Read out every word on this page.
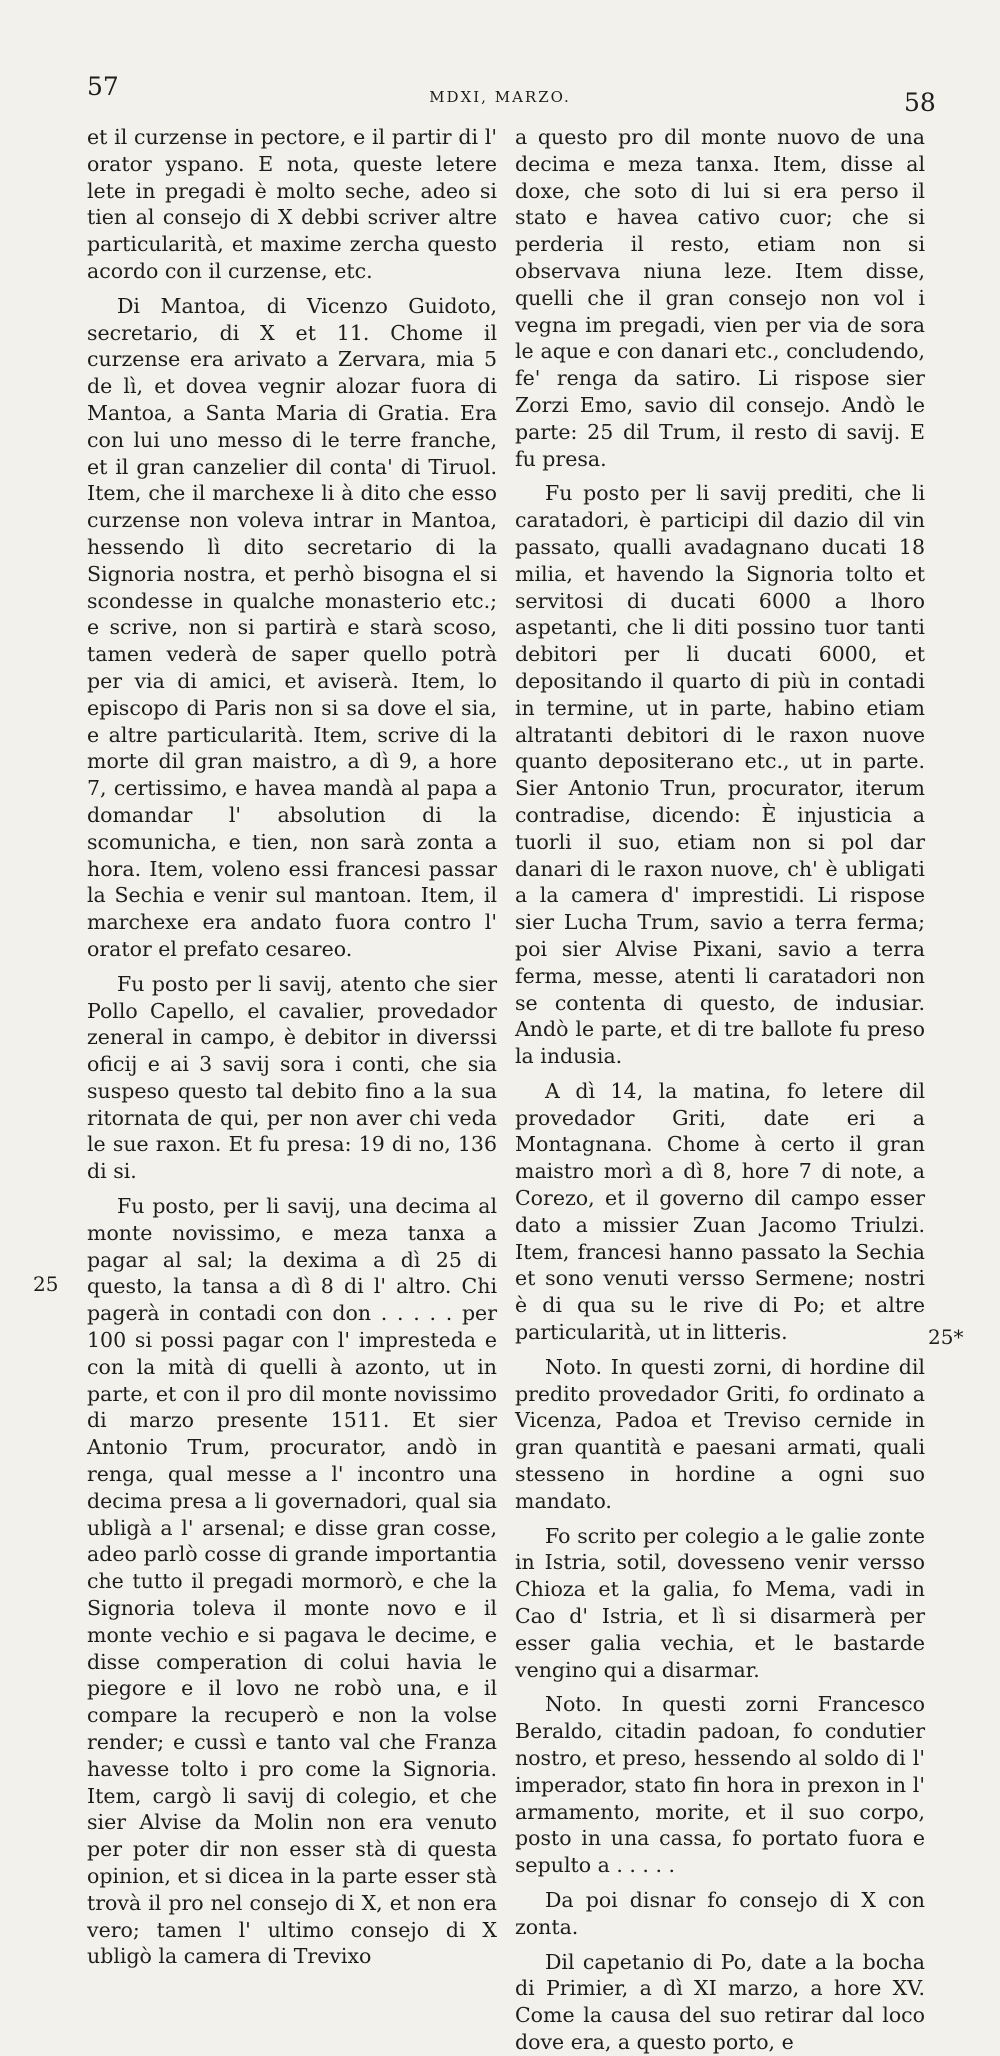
57	MDXI, MARZO.	58

et il curzense in pectore, e il partir di l' orator yspano. E nota, queste letere lete in pregadi è molto seche, adeo si tien al consejo di X debbi scriver altre particularità, et maxime zercha questo acordo con il curzense, etc.

Di Mantoa, di Vicenzo Guidoto, secretario, di X et 11. Chome il curzense era arivato a Zervara, mia 5 de lì, et dovea vegnir alozar fuora di Mantoa, a Santa Maria di Gratia. Era con lui uno messo di le terre franche, et il gran canzelier dil conta' di Tiruol. Item, che il marchexe li à dito che esso curzense non voleva intrar in Mantoa, hessendo lì dito secretario di la Signoria nostra, et perhò bisogna el si scondesse in qualche monasterio etc.; e scrive, non si partirà e starà scoso, tamen vederà de saper quello potrà per via di amici, et aviserà. Item, lo episcopo di Paris non si sa dove el sia, e altre particularità. Item, scrive di la morte dil gran maistro, a dì 9, a hore 7, certissimo, e havea mandà al papa a domandar l' absolution di la scomunicha, e tien, non sarà zonta a hora. Item, voleno essi francesi passar la Sechia e venir sul mantoan. Item, il marchexe era andato fuora contro l' orator el prefato cesareo.

Fu posto per li savij, atento che sier Pollo Capello, el cavalier, provedador zeneral in campo, è debitor in diverssi oficij e ai 3 savij sora i conti, che sia suspeso questo tal debito fino a la sua ritornata de qui, per non aver chi veda le sue raxon. Et fu presa: 19 di no, 136 di si.

Fu posto, per li savij, una decima al monte novissimo, e meza tanxa a pagar al sal; la dexima a dì 25 di questo, la tansa a dì 8 di l' altro. Chi pagerà in contadi con don . . . . . per 100 si possi pagar con l' impresteda e con la mità di quelli à azonto, ut in parte, et con il pro dil monte novissimo di marzo presente 1511. Et sier Antonio Trum, procurator, andò in renga, qual messe a l' incontro una decima presa a li governadori, qual sia ubligà a l' arsenal; e disse gran cosse, adeo parlò cosse di grande importantia che tutto il pregadi mormorò, e che la Signoria toleva il monte novo e il monte vechio e si pagava le decime, e disse comperation di colui havia le piegore e il lovo ne robò una, e il compare la recuperò e non la volse render; e cussì e tanto val che Franza havesse tolto i pro come la Signoria. Item, cargò li savij di colegio, et che sier Alvise da Molin non era venuto per poter dir non esser stà di questa opinion, et si dicea in la parte esser stà trovà il pro nel consejo di X, et non era vero; tamen l' ultimo consejo di X ubligò la camera di Trevixo

a questo pro dil monte nuovo de una decima e meza tanxa. Item, disse al doxe, che soto di lui si era perso il stato e havea cativo cuor; che si perderia il resto, etiam non si observava niuna leze. Item disse, quelli che il gran consejo non vol i vegna im pregadi, vien per via de sora le aque e con danari etc., concludendo, fe' renga da satiro. Li rispose sier Zorzi Emo, savio dil consejo. Andò le parte: 25 dil Trum, il resto di savij. E fu presa.

Fu posto per li savij prediti, che li caratadori, è participi dil dazio dil vin passato, qualli avadagnano ducati 18 milia, et havendo la Signoria tolto et servitosi di ducati 6000 a lhoro aspetanti, che li diti possino tuor tanti debitori per li ducati 6000, et depositando il quarto di più in contadi in termine, ut in parte, habino etiam altratanti debitori di le raxon nuove quanto depositerano etc., ut in parte. Sier Antonio Trun, procurator, iterum contradise, dicendo: È injusticia a tuorli il suo, etiam non si pol dar danari di le raxon nuove, ch' è ubligati a la camera d' imprestidi. Li rispose sier Lucha Trum, savio a terra ferma; poi sier Alvise Pixani, savio a terra ferma, messe, atenti li caratadori non se contenta di questo, de indusiar. Andò le parte, et di tre ballote fu preso la indusia.

A dì 14, la matina, fo letere dil provedador Griti, date eri a Montagnana. Chome à certo il gran maistro morì a dì 8, hore 7 di note, a Corezo, et il governo dil campo esser dato a missier Zuan Jacomo Triulzi. Item, francesi hanno passato la Sechia et sono venuti versso Sermene; nostri è di qua su le rive di Po; et altre particularità, ut in litteris.

Noto. In questi zorni, di hordine dil predito provedador Griti, fo ordinato a Vicenza, Padoa et Treviso cernide in gran quantità e paesani armati, quali stesseno in hordine a ogni suo mandato.

Fo scrito per colegio a le galie zonte in Istria, sotil, dovesseno venir versso Chioza et la galia, fo Mema, vadi in Cao d' Istria, et lì si disarmerà per esser galia vechia, et le bastarde vengino qui a disarmar.

Noto. In questi zorni Francesco Beraldo, citadin padoan, fo condutier nostro, et preso, hessendo al soldo di l' imperador, stato fin hora in prexon in l' armamento, morite, et il suo corpo, posto in una cassa, fo portato fuora e sepulto a . . . . .

Da poi disnar fo consejo di X con zonta.

Dil capetanio di Po, date a la bocha di Primier, a dì XI marzo, a hore XV. Come la causa del suo retirar dal loco dove era, a questo porto, e

25
25*
